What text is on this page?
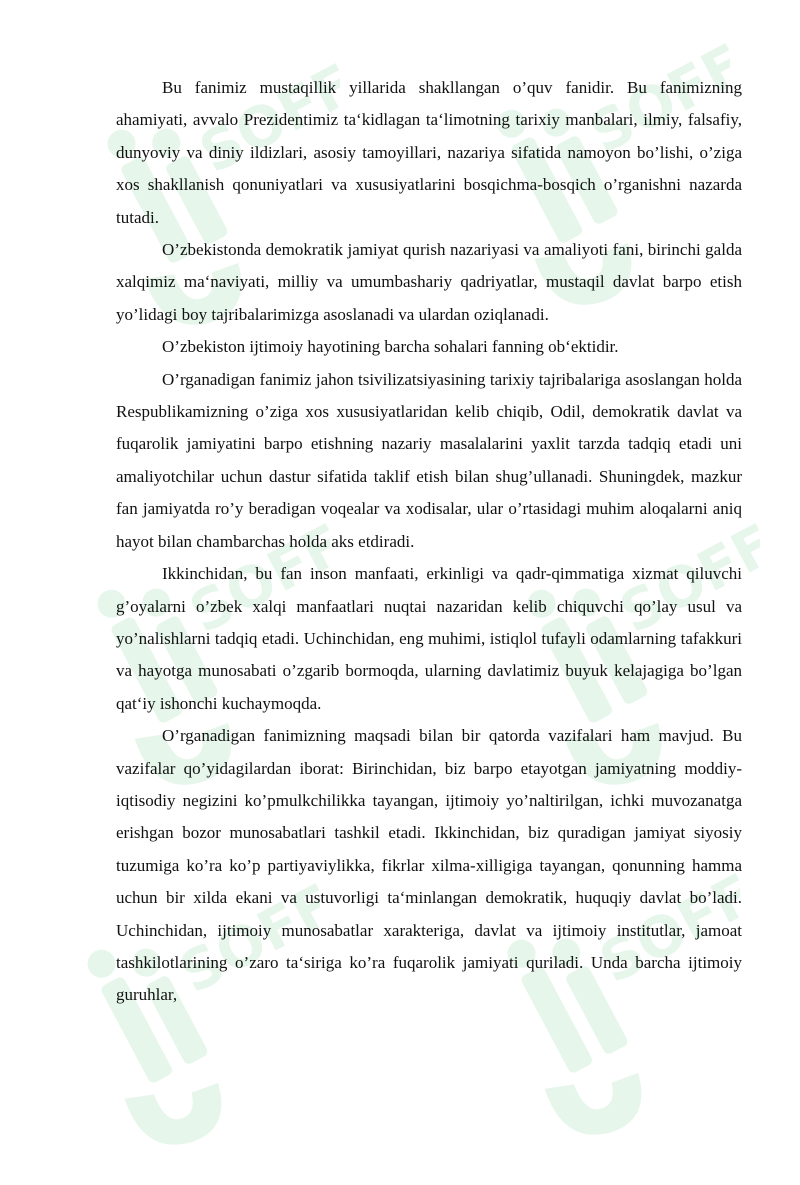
SOFF	SOFF
SOFF	SOFF
SOFF	SOFF

Bu fanimiz mustaqillik yillarida shakllangan o’quv fanidir. Bu fanimizning ahamiyati, avvalo Prezidentimiz ta‘kidlagan ta‘limotning tarixiy manbalari, ilmiy, falsafiy, dunyoviy va diniy ildizlari, asosiy tamoyillari, nazariya sifatida namoyon bo’lishi, o’ziga xos shakllanish qonuniyatlari va xususiyatlarini bosqichma-bosqich o’rganishni nazarda tutadi.

O’zbekistonda demokratik jamiyat qurish nazariyasi va amaliyoti fani, birinchi galda xalqimiz ma‘naviyati, milliy va umumbashariy qadriyatlar, mustaqil davlat barpo etish yo’lidagi boy tajribalarimizga asoslanadi va ulardan oziqlanadi.

O’zbekiston ijtimoiy hayotining barcha sohalari fanning ob‘ektidir.

O’rganadigan fanimiz jahon tsivilizatsiyasining tarixiy tajribalariga asoslangan holda Respublikamizning o’ziga xos xususiyatlaridan kelib chiqib, Odil, demokratik davlat va fuqarolik jamiyatini barpo etishning nazariy masalalarini yaxlit tarzda tadqiq etadi uni amaliyotchilar uchun dastur sifatida taklif etish bilan shug’ullanadi. Shuningdek, mazkur fan jamiyatda ro’y beradigan voqealar va xodisalar, ular o’rtasidagi muhim aloqalarni aniq hayot bilan chambarchas holda aks etdiradi.

Ikkinchidan, bu fan inson manfaati, erkinligi va qadr-qimmatiga xizmat qiluvchi g’oyalarni o’zbek xalqi manfaatlari nuqtai nazaridan kelib chiquvchi qo’lay usul va yo’nalishlarni tadqiq etadi. Uchinchidan, eng muhimi, istiqlol tufayli odamlarning tafakkuri va hayotga munosabati o’zgarib bormoqda, ularning davlatimiz buyuk kelajagiga bo’lgan qat‘iy ishonchi kuchaymoqda.

O’rganadigan fanimizning maqsadi bilan bir qatorda vazifalari ham mavjud. Bu vazifalar qo’yidagilardan iborat: Birinchidan, biz barpo etayotgan jamiyatning moddiy-iqtisodiy negizini ko’pmulkchilikka tayangan, ijtimoiy yo’naltirilgan, ichki muvozanatga erishgan bozor munosabatlari tashkil etadi. Ikkinchidan, biz quradigan jamiyat siyosiy tuzumiga ko’ra ko’p partiyaviylikka, fikrlar xilma-xilligiga tayangan, qonunning hamma uchun bir xilda ekani va ustuvorligi ta‘minlangan demokratik, huquqiy davlat bo’ladi. Uchinchidan, ijtimoiy munosabatlar xarakteriga, davlat va ijtimoiy institutlar, jamoat tashkilotlarining o’zaro ta‘siriga ko’ra fuqarolik jamiyati quriladi. Unda barcha ijtimoiy guruhlar,
